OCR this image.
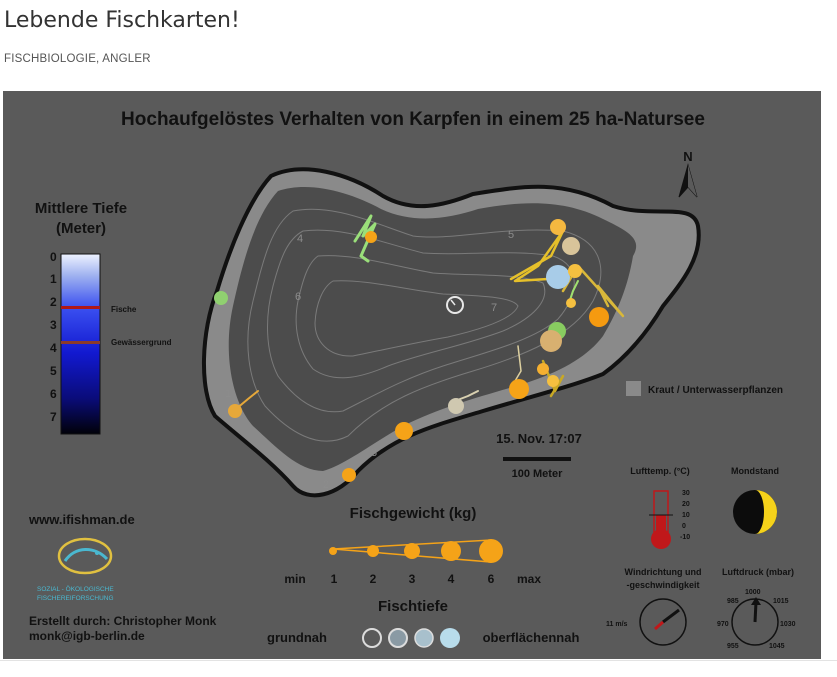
Lebende Fischkarten!
FISCHBIOLOGIE, ANGLER
Hochaufgelöstes Verhalten von Karpfen in einem 25 ha-Natursee
1
2
3
4	5
6
7
Kraut / Unterwasserpflanzen
N
Mittlere Tiefe
(Meter)
0
1
2
3
4
5
6
7
Fische
Gewässergrund
15. Nov. 17:07
100 Meter
www.ifishman.de
SOZIAL - ÖKOLOGISCHE
FISCHEREIFORSCHUNG
Erstellt durch: Christopher Monk
monk@igb-berlin.de
Fischgewicht (kg)
min 1	2	3	4	6 max
Fischtiefe
grundnah	oberflächennah
Lufttemp. (°C)
30
20
10
0
-10
Mondstand
Windrichtung und
-geschwindigkeit
11 m/s
Luftdruck (mbar)
1000
1015
1030
1045
955
970
985
